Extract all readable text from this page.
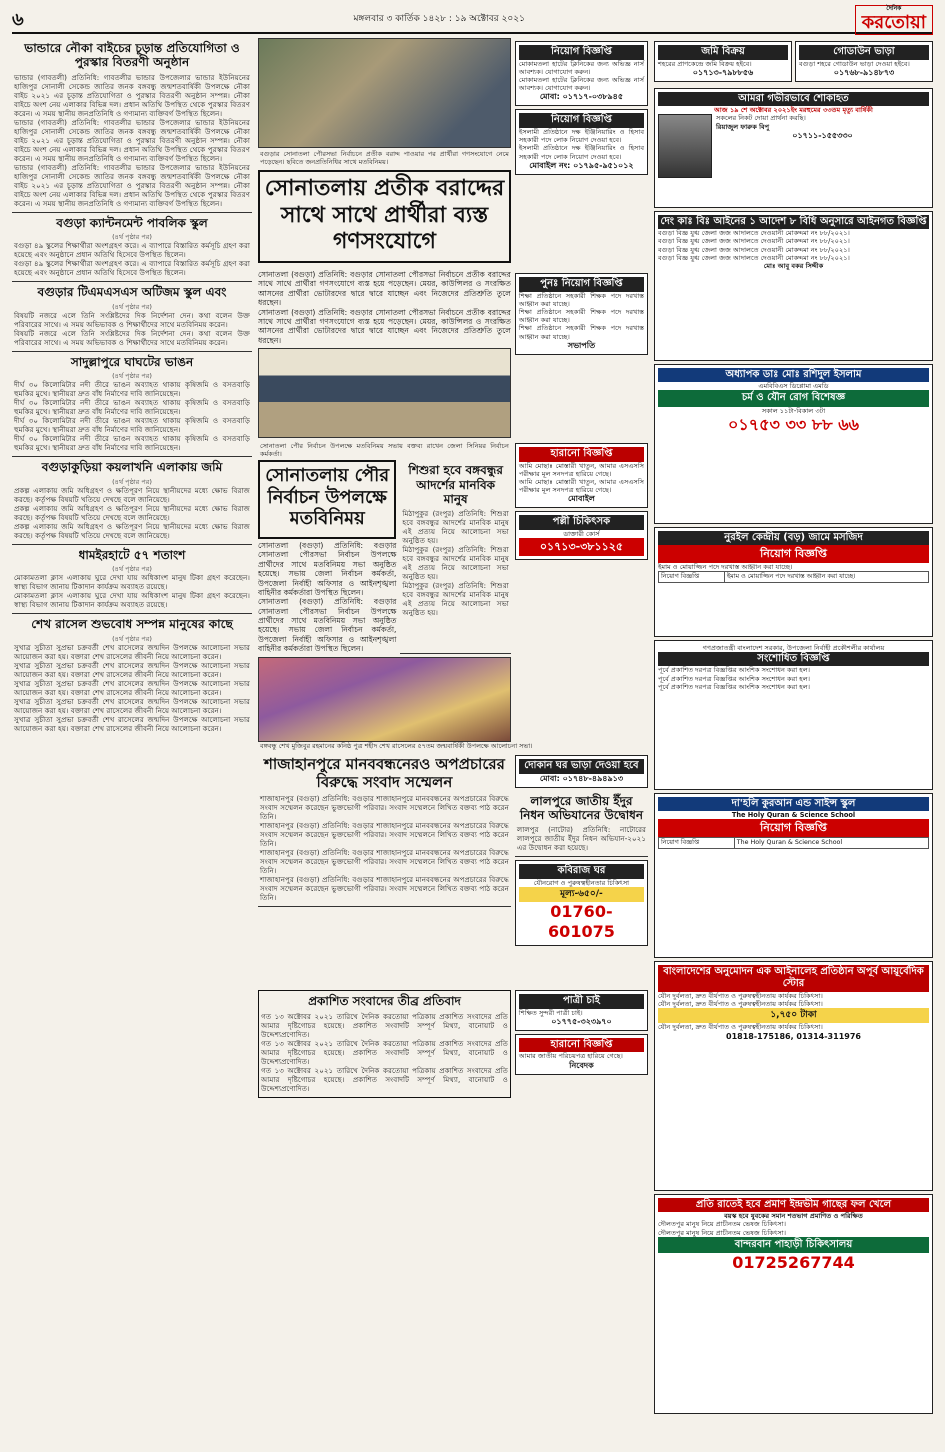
৬	মঙ্গলবার ৩ কার্তিক ১৪২৮ : ১৯ অক্টোবর ২০২১
দৈনিক
করতোয়া
ভান্ডারে নৌকা বাইচের চূড়ান্ত প্রতিযোগিতা ও পুরস্কার বিতরণী অনুষ্ঠান

ভান্ডার (গাবতলী) প্রতিনিধি: গাবতলীর ভান্ডার উপজেলার ভান্ডার ইউনিয়নের হাজিপুর সোনালী সেকেন্ড জাতির জনক বঙ্গবন্ধু জন্মশতবার্ষিকী উপলক্ষে নৌকা বাইচ ২০২১ এর চূড়ান্ত প্রতিযোগিতা ও পুরস্কার বিতরণী অনুষ্ঠান সম্পন্ন। নৌকা বাইচে অংশ নেয় এলাকার বিভিন্ন দল। প্রধান অতিথি উপস্থিত থেকে পুরস্কার বিতরণ করেন। এ সময় স্থানীয় জনপ্রতিনিধি ও গণ্যমান্য ব্যক্তিবর্গ উপস্থিত ছিলেন।

ভান্ডার (গাবতলী) প্রতিনিধি: গাবতলীর ভান্ডার উপজেলার ভান্ডার ইউনিয়নের হাজিপুর সোনালী সেকেন্ড জাতির জনক বঙ্গবন্ধু জন্মশতবার্ষিকী উপলক্ষে নৌকা বাইচ ২০২১ এর চূড়ান্ত প্রতিযোগিতা ও পুরস্কার বিতরণী অনুষ্ঠান সম্পন্ন। নৌকা বাইচে অংশ নেয় এলাকার বিভিন্ন দল। প্রধান অতিথি উপস্থিত থেকে পুরস্কার বিতরণ করেন। এ সময় স্থানীয় জনপ্রতিনিধি ও গণ্যমান্য ব্যক্তিবর্গ উপস্থিত ছিলেন।

ভান্ডার (গাবতলী) প্রতিনিধি: গাবতলীর ভান্ডার উপজেলার ভান্ডার ইউনিয়নের হাজিপুর সোনালী সেকেন্ড জাতির জনক বঙ্গবন্ধু জন্মশতবার্ষিকী উপলক্ষে নৌকা বাইচ ২০২১ এর চূড়ান্ত প্রতিযোগিতা ও পুরস্কার বিতরণী অনুষ্ঠান সম্পন্ন। নৌকা বাইচে অংশ নেয় এলাকার বিভিন্ন দল। প্রধান অতিথি উপস্থিত থেকে পুরস্কার বিতরণ করেন। এ সময় স্থানীয় জনপ্রতিনিধি ও গণ্যমান্য ব্যক্তিবর্গ উপস্থিত ছিলেন।

বগুড়া ক্যান্টনমেন্ট পাবলিক স্কুল

(৪র্থ পৃষ্ঠার পর)

বগুড়া ৪৯ স্কুলের শিক্ষার্থীরা অংশগ্রহণ করে। এ ব্যাপারে বিস্তারিত কর্মসূচি গ্রহণ করা হয়েছে এবং অনুষ্ঠানে প্রধান অতিথি হিসেবে উপস্থিত ছিলেন।

বগুড়া ৪৯ স্কুলের শিক্ষার্থীরা অংশগ্রহণ করে। এ ব্যাপারে বিস্তারিত কর্মসূচি গ্রহণ করা হয়েছে এবং অনুষ্ঠানে প্রধান অতিথি হিসেবে উপস্থিত ছিলেন।

বগুড়ার টিএমএসএস অটিজম স্কুল এবং

(৪র্থ পৃষ্ঠার পর)

বিষয়টি নজরে এলে তিনি সংশ্লিষ্টদের দিক নির্দেশনা দেন। কথা বলেন উক্ত পরিবারের সাথে। এ সময় অভিভাবক ও শিক্ষার্থীদের সাথে মতবিনিময় করেন।

বিষয়টি নজরে এলে তিনি সংশ্লিষ্টদের দিক নির্দেশনা দেন। কথা বলেন উক্ত পরিবারের সাথে। এ সময় অভিভাবক ও শিক্ষার্থীদের সাথে মতবিনিময় করেন।

সাদুল্লাপুরে ঘাঘটের ভাঙন

(৪র্থ পৃষ্ঠার পর)

দীর্ঘ ৩০ কিলোমিটার নদী তীরে ভাঙন অব্যাহত থাকায় কৃষিজমি ও বসতবাড়ি হুমকির মুখে। স্থানীয়রা দ্রুত বাঁধ নির্মাণের দাবি জানিয়েছেন।

দীর্ঘ ৩০ কিলোমিটার নদী তীরে ভাঙন অব্যাহত থাকায় কৃষিজমি ও বসতবাড়ি হুমকির মুখে। স্থানীয়রা দ্রুত বাঁধ নির্মাণের দাবি জানিয়েছেন।

দীর্ঘ ৩০ কিলোমিটার নদী তীরে ভাঙন অব্যাহত থাকায় কৃষিজমি ও বসতবাড়ি হুমকির মুখে। স্থানীয়রা দ্রুত বাঁধ নির্মাণের দাবি জানিয়েছেন।

দীর্ঘ ৩০ কিলোমিটার নদী তীরে ভাঙন অব্যাহত থাকায় কৃষিজমি ও বসতবাড়ি হুমকির মুখে। স্থানীয়রা দ্রুত বাঁধ নির্মাণের দাবি জানিয়েছেন।

বগুড়াকুড়িয়া কয়লাখনি এলাকায় জমি

(৪র্থ পৃষ্ঠার পর)

প্রকল্প এলাকায় জমি অধিগ্রহণ ও ক্ষতিপূরণ নিয়ে স্থানীয়দের মধ্যে ক্ষোভ বিরাজ করছে। কর্তৃপক্ষ বিষয়টি খতিয়ে দেখছে বলে জানিয়েছে।

প্রকল্প এলাকায় জমি অধিগ্রহণ ও ক্ষতিপূরণ নিয়ে স্থানীয়দের মধ্যে ক্ষোভ বিরাজ করছে। কর্তৃপক্ষ বিষয়টি খতিয়ে দেখছে বলে জানিয়েছে।

প্রকল্প এলাকায় জমি অধিগ্রহণ ও ক্ষতিপূরণ নিয়ে স্থানীয়দের মধ্যে ক্ষোভ বিরাজ করছে। কর্তৃপক্ষ বিষয়টি খতিয়ে দেখছে বলে জানিয়েছে।

ধামইরহাটে ৫৭ শতাংশ

(৪র্থ পৃষ্ঠার পর)

মোকামতলা ক্লাস এলাকায় ঘুরে দেখা যায় অধিকাংশ মানুষ টিকা গ্রহণ করেছেন। স্বাস্থ্য বিভাগ জানায় টিকাদান কার্যক্রম অব্যাহত রয়েছে।

মোকামতলা ক্লাস এলাকায় ঘুরে দেখা যায় অধিকাংশ মানুষ টিকা গ্রহণ করেছেন। স্বাস্থ্য বিভাগ জানায় টিকাদান কার্যক্রম অব্যাহত রয়েছে।

শেখ রাসেল শুভবোধ সম্পন্ন মানুষের কাছে

(৪র্থ পৃষ্ঠার পর)

সুখাত্র সুচীতা সুপ্রভা চক্রবর্তী শেখ রাসেলের জন্মদিন উপলক্ষে আলোচনা সভার আয়োজন করা হয়। বক্তারা শেখ রাসেলের জীবনী নিয়ে আলোচনা করেন।

সুখাত্র সুচীতা সুপ্রভা চক্রবর্তী শেখ রাসেলের জন্মদিন উপলক্ষে আলোচনা সভার আয়োজন করা হয়। বক্তারা শেখ রাসেলের জীবনী নিয়ে আলোচনা করেন।

সুখাত্র সুচীতা সুপ্রভা চক্রবর্তী শেখ রাসেলের জন্মদিন উপলক্ষে আলোচনা সভার আয়োজন করা হয়। বক্তারা শেখ রাসেলের জীবনী নিয়ে আলোচনা করেন।

সুখাত্র সুচীতা সুপ্রভা চক্রবর্তী শেখ রাসেলের জন্মদিন উপলক্ষে আলোচনা সভার আয়োজন করা হয়। বক্তারা শেখ রাসেলের জীবনী নিয়ে আলোচনা করেন।

সুখাত্র সুচীতা সুপ্রভা চক্রবর্তী শেখ রাসেলের জন্মদিন উপলক্ষে আলোচনা সভার আয়োজন করা হয়। বক্তারা শেখ রাসেলের জীবনী নিয়ে আলোচনা করেন।

বগুড়ার সোনাতলা পৌরসভা নির্বাচনে প্রতীক বরাদ্দ পাওয়ার পর প্রার্থীরা গণসংযোগে নেমে পড়েছেন। ছবিতে জনপ্রতিনিধির সাথে মতবিনিময়।

সোনাতলায় প্রতীক বরাদ্দের সাথে সাথে প্রার্থীরা ব্যস্ত গণসংযোগে
নিয়োগ বিজ্ঞপ্তি

মোকামতলা হাটের ক্লিনিকের জন্য অভিজ্ঞ নার্স আবশ্যক। যোগাযোগ করুন।

মোকামতলা হাটের ক্লিনিকের জন্য অভিজ্ঞ নার্স আবশ্যক। যোগাযোগ করুন।

মোবা: ০১৭১৭-০৩৮৯৪৫
নিয়োগ বিজ্ঞপ্তি

ইসলামী প্রতিষ্ঠানে দক্ষ ইঞ্জিনিয়ারিং ও হিসাব সহকারী পদে লোক নিয়োগ দেওয়া হবে।

ইসলামী প্রতিষ্ঠানে দক্ষ ইঞ্জিনিয়ারিং ও হিসাব সহকারী পদে লোক নিয়োগ দেওয়া হবে।

মোবাইল নং: ০১৭৯৫-৯৫১০১২

সোনাতলা (বগুড়া) প্রতিনিধি: বগুড়ার সোনাতলা পৌরসভা নির্বাচনে প্রতীক বরাদ্দের সাথে সাথে প্রার্থীরা গণসংযোগে ব্যস্ত হয়ে পড়েছেন। মেয়র, কাউন্সিলর ও সংরক্ষিত আসনের প্রার্থীরা ভোটারদের দ্বারে দ্বারে যাচ্ছেন এবং নিজেদের প্রতিশ্রুতি তুলে ধরছেন।

সোনাতলা (বগুড়া) প্রতিনিধি: বগুড়ার সোনাতলা পৌরসভা নির্বাচনে প্রতীক বরাদ্দের সাথে সাথে প্রার্থীরা গণসংযোগে ব্যস্ত হয়ে পড়েছেন। মেয়র, কাউন্সিলর ও সংরক্ষিত আসনের প্রার্থীরা ভোটারদের দ্বারে দ্বারে যাচ্ছেন এবং নিজেদের প্রতিশ্রুতি তুলে ধরছেন।

পুনঃ নিয়োগ বিজ্ঞপ্তি

শিক্ষা প্রতিষ্ঠানে সহকারী শিক্ষক পদে দরখাস্ত আহ্বান করা যাচ্ছে।

শিক্ষা প্রতিষ্ঠানে সহকারী শিক্ষক পদে দরখাস্ত আহ্বান করা যাচ্ছে।

শিক্ষা প্রতিষ্ঠানে সহকারী শিক্ষক পদে দরখাস্ত আহ্বান করা যাচ্ছে।

সভাপতি

সোনাতলা পৌর নির্বাচন উপলক্ষে মতবিনিময় সভায় বক্তব্য রাখেন জেলা সিনিয়র নির্বাচন কর্মকর্তা।

সোনাতলায় পৌর নির্বাচন উপলক্ষে মতবিনিময়

সোনাতলা (বগুড়া) প্রতিনিধি: বগুড়ার সোনাতলা পৌরসভা নির্বাচন উপলক্ষে প্রার্থীদের সাথে মতবিনিময় সভা অনুষ্ঠিত হয়েছে। সভায় জেলা নির্বাচন কর্মকর্তা, উপজেলা নির্বাহী অফিসার ও আইনশৃঙ্খলা বাহিনীর কর্মকর্তারা উপস্থিত ছিলেন।

সোনাতলা (বগুড়া) প্রতিনিধি: বগুড়ার সোনাতলা পৌরসভা নির্বাচন উপলক্ষে প্রার্থীদের সাথে মতবিনিময় সভা অনুষ্ঠিত হয়েছে। সভায় জেলা নির্বাচন কর্মকর্তা, উপজেলা নির্বাহী অফিসার ও আইনশৃঙ্খলা বাহিনীর কর্মকর্তারা উপস্থিত ছিলেন।

শিশুরা হবে বঙ্গবন্ধুর আদর্শের মানবিক মানুষ

মিঠাপুকুর (রংপুর) প্রতিনিধি: শিশুরা হবে বঙ্গবন্ধুর আদর্শের মানবিক মানুষ এই প্রত্যয় নিয়ে আলোচনা সভা অনুষ্ঠিত হয়।

মিঠাপুকুর (রংপুর) প্রতিনিধি: শিশুরা হবে বঙ্গবন্ধুর আদর্শের মানবিক মানুষ এই প্রত্যয় নিয়ে আলোচনা সভা অনুষ্ঠিত হয়।

মিঠাপুকুর (রংপুর) প্রতিনিধি: শিশুরা হবে বঙ্গবন্ধুর আদর্শের মানবিক মানুষ এই প্রত্যয় নিয়ে আলোচনা সভা অনুষ্ঠিত হয়।

হারানো বিজ্ঞপ্তি

আমি মোছাঃ মোস্তারী খাতুন, আমার এসএসসি পরীক্ষার মূল সনদপত্র হারিয়ে গেছে।

আমি মোছাঃ মোস্তারী খাতুন, আমার এসএসসি পরীক্ষার মূল সনদপত্র হারিয়ে গেছে।

মোবাইল
পল্লী চিকিৎসক

ডাক্তারী কোর্স

০১৭১৩-৩৮১১২৫

বঙ্গবন্ধু শেখ মুজিবুর রহমানের কনিষ্ঠ পুত্র শহীদ শেখ রাসেলের ৫৭তম জন্মবার্ষিকী উপলক্ষে আলোচনা সভা।

শাজাহানপুরে মানববন্ধনেরও অপপ্রচারের বিরুদ্ধে সংবাদ সম্মেলন

শাজাহানপুর (বগুড়া) প্রতিনিধি: বগুড়ার শাজাহানপুরে মানববন্ধনের অপপ্রচারের বিরুদ্ধে সংবাদ সম্মেলন করেছেন ভুক্তভোগী পরিবার। সংবাদ সম্মেলনে লিখিত বক্তব্য পাঠ করেন তিনি।

শাজাহানপুর (বগুড়া) প্রতিনিধি: বগুড়ার শাজাহানপুরে মানববন্ধনের অপপ্রচারের বিরুদ্ধে সংবাদ সম্মেলন করেছেন ভুক্তভোগী পরিবার। সংবাদ সম্মেলনে লিখিত বক্তব্য পাঠ করেন তিনি।

শাজাহানপুর (বগুড়া) প্রতিনিধি: বগুড়ার শাজাহানপুরে মানববন্ধনের অপপ্রচারের বিরুদ্ধে সংবাদ সম্মেলন করেছেন ভুক্তভোগী পরিবার। সংবাদ সম্মেলনে লিখিত বক্তব্য পাঠ করেন তিনি।

শাজাহানপুর (বগুড়া) প্রতিনিধি: বগুড়ার শাজাহানপুরে মানববন্ধনের অপপ্রচারের বিরুদ্ধে সংবাদ সম্মেলন করেছেন ভুক্তভোগী পরিবার। সংবাদ সম্মেলনে লিখিত বক্তব্য পাঠ করেন তিনি।

দোকান ঘর ভাড়া দেওয়া হবে
মোবা: ০১৭৪৮-৪৯৪৯১৩
লালপুরে জাতীয় ইঁদুর নিধন অভিযানের উদ্বোধন

লালপুর (নাটোর) প্রতিনিধি: নাটোরের লালপুরে জাতীয় ইঁদুর নিধন অভিযান-২০২১ এর উদ্বোধন করা হয়েছে।

কবিরাজ ঘর

যৌনরোগ ও পুরুষত্বহীনতার চিকিৎসা

মূল্য-৬৫০/-
01760-601075
প্রকাশিত সংবাদের তীব্র প্রতিবাদ

গত ১৩ অক্টোবর ২০২১ তারিখে দৈনিক করতোয়া পত্রিকায় প্রকাশিত সংবাদের প্রতি আমার দৃষ্টিগোচর হয়েছে। প্রকাশিত সংবাদটি সম্পূর্ণ মিথ্যা, বানোয়াট ও উদ্দেশ্যপ্রণোদিত।

গত ১৩ অক্টোবর ২০২১ তারিখে দৈনিক করতোয়া পত্রিকায় প্রকাশিত সংবাদের প্রতি আমার দৃষ্টিগোচর হয়েছে। প্রকাশিত সংবাদটি সম্পূর্ণ মিথ্যা, বানোয়াট ও উদ্দেশ্যপ্রণোদিত।

গত ১৩ অক্টোবর ২০২১ তারিখে দৈনিক করতোয়া পত্রিকায় প্রকাশিত সংবাদের প্রতি আমার দৃষ্টিগোচর হয়েছে। প্রকাশিত সংবাদটি সম্পূর্ণ মিথ্যা, বানোয়াট ও উদ্দেশ্যপ্রণোদিত।

পাত্রী চাই

শিক্ষিত সুন্দরী পাত্রী চাই।

০১৭৭৫-৩২৩৯৭০
হারানো বিজ্ঞপ্তি

আমার জাতীয় পরিচয়পত্র হারিয়ে গেছে।

নিবেদক
জমি বিক্রয়

শহরের প্রাণকেন্দ্রে জমি বিক্রয় হইবে।

০১৭১৩-৭৯৮৮৫৬
গোডাউন ভাড়া

বগুড়া শহরে গোডাউন ভাড়া দেওয়া হইবে।

০১৭৬৮-৯১৪৮৭৩
আমরা গভীরভাবে শোকাহত

আজ ১৯ শে অক্টোবর ২০২১ইং মরহুমের ৩৩তম মৃত্যু বার্ষিকী

সকলের নিকট দোয়া প্রার্থনা করছি।

রিয়াজুল ফারুক বিপু

০১৭১১-১৫৫৩৩০
দেং কাঃ বিঃ আইনের ১ আদেশ ৮ বিধি অনুসারে আইনগত বিজ্ঞপ্তি

বগুড়া বিজ্ঞ যুগ্ম জেলা জজ আদালতে দেওয়ানী মোকদ্দমা নং ৮৮/২০২১।

বগুড়া বিজ্ঞ যুগ্ম জেলা জজ আদালতে দেওয়ানী মোকদ্দমা নং ৮৮/২০২১।

বগুড়া বিজ্ঞ যুগ্ম জেলা জজ আদালতে দেওয়ানী মোকদ্দমা নং ৮৮/২০২১।

বগুড়া বিজ্ঞ যুগ্ম জেলা জজ আদালতে দেওয়ানী মোকদ্দমা নং ৮৮/২০২১।

মোঃ আবু বকর সিদ্দীক

অধ্যাপক ডাঃ মোঃ রশিদুল ইসলাম

এমবিবিএস ডিপ্লোমা এমডি

চর্ম ও যৌন রোগ বিশেষজ্ঞ

সকাল ১১টা-বিকাল ৩টা

০১৭৫৩ ৩৩ ৮৮ ৬৬
নুরইল কেন্দ্রীয় (বড়) জামে মসজিদ
নিয়োগ বিজ্ঞপ্তি

ইমাম ও মোয়াজ্জিন পদে দরখাস্ত আহ্বান করা যাচ্ছে।

নিয়োগ বিজ্ঞপ্তি	ইমাম ও মোয়াজ্জিন পদে দরখাস্ত আহ্বান করা যাচ্ছে।

গণপ্রজাতন্ত্রী বাংলাদেশ সরকার, উপজেলা নির্বাহী প্রকৌশলীর কার্যালয়

সংশোধিত বিজ্ঞপ্তি

পূর্বে প্রকাশিত দরপত্র বিজ্ঞপ্তির আংশিক সংশোধন করা হল।

পূর্বে প্রকাশিত দরপত্র বিজ্ঞপ্তির আংশিক সংশোধন করা হল।

পূর্বে প্রকাশিত দরপত্র বিজ্ঞপ্তির আংশিক সংশোধন করা হল।

দা'হলি কুরআন এন্ড সাইন্স স্কুল

The Holy Quran & Science School

নিয়োগ বিজ্ঞপ্তি
নিয়োগ বিজ্ঞপ্তি	The Holy Quran & Science School
বাংলাদেশের অনুমোদন এক আইনালেহ প্রতিষ্ঠান অপূর্ব আয়ূর্বেদিক স্টোর

যৌন দুর্বলতা, দ্রুত বীর্যপাত ও পুরুষত্বহীনতায় কার্যকর চিকিৎসা।

যৌন দুর্বলতা, দ্রুত বীর্যপাত ও পুরুষত্বহীনতায় কার্যকর চিকিৎসা।

১,৭৫০ টাকা

যৌন দুর্বলতা, দ্রুত বীর্যপাত ও পুরুষত্বহীনতায় কার্যকর চিকিৎসা।

01818-175186, 01314-311976
প্রতি রাতেই হবে প্রমাণ ইন্দ্রভীম গাছের ফল খেলে

বয়স্ক হবে যুবকের সমান শতভাগ প্রমাণিত ও পরিক্ষিত

দৌলতপুর মানুষ নিয়ে প্রাচীনতম ভেষজ চিকিৎসা।

দৌলতপুর মানুষ নিয়ে প্রাচীনতম ভেষজ চিকিৎসা।

বান্দরবান পাহাড়ী চিকিৎসালয়
01725267744
